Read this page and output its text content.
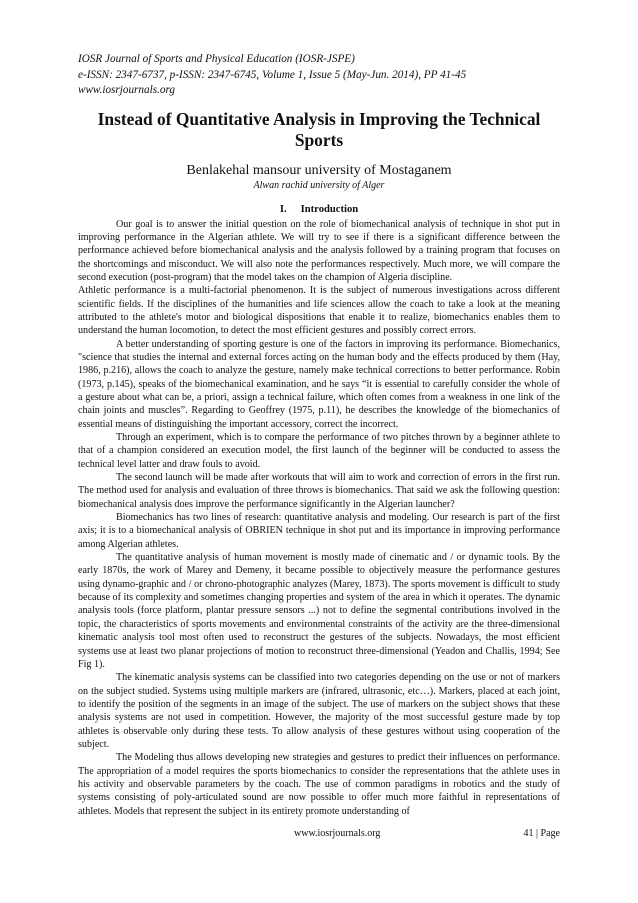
IOSR Journal of Sports and Physical Education (IOSR-JSPE)
e-ISSN: 2347-6737, p-ISSN: 2347-6745, Volume 1, Issue 5 (May-Jun. 2014), PP 41-45
www.iosrjournals.org
Instead of Quantitative Analysis in Improving the Technical Sports
Benlakehal mansour university of Mostaganem
Alwan rachid university of Alger
I. Introduction

Our goal is to answer the initial question on the role of biomechanical analysis of technique in shot put in improving performance in the Algerian athlete. We will try to see if there is a significant difference between the performance achieved before biomechanical analysis and the analysis followed by a training program that focuses on the shortcomings and misconduct. We will also note the performances respectively. Much more, we will compare the second execution (post-program) that the model takes on the champion of Algeria discipline.

Athletic performance is a multi-factorial phenomenon. It is the subject of numerous investigations across different scientific fields. If the disciplines of the humanities and life sciences allow the coach to take a look at the meaning attributed to the athlete's motor and biological dispositions that enable it to realize, biomechanics enables them to understand the human locomotion, to detect the most efficient gestures and possibly correct errors.

A better understanding of sporting gesture is one of the factors in improving its performance. Biomechanics, "science that studies the internal and external forces acting on the human body and the effects produced by them (Hay, 1986, p.216), allows the coach to analyze the gesture, namely make technical corrections to better performance. Robin (1973, p.145), speaks of the biomechanical examination, and he says “it is essential to carefully consider the whole of a gesture about what can be, a priori, assign a technical failure, which often comes from a weakness in one link of the chain joints and muscles”. Regarding to Geoffrey (1975, p.11), he describes the knowledge of the biomechanics of essential means of distinguishing the important accessory, correct the incorrect.

Through an experiment, which is to compare the performance of two pitches thrown by a beginner athlete to that of a champion considered an execution model, the first launch of the beginner will be conducted to assess the technical level latter and draw fouls to avoid.

The second launch will be made after workouts that will aim to work and correction of errors in the first run. The method used for analysis and evaluation of three throws is biomechanics. That said we ask the following question: biomechanical analysis does improve the performance significantly in the Algerian launcher?

Biomechanics has two lines of research: quantitative analysis and modeling. Our research is part of the first axis; it is to a biomechanical analysis of OBRIEN technique in shot put and its importance in improving performance among Algerian athletes.

The quantitative analysis of human movement is mostly made of cinematic and / or dynamic tools. By the early 1870s, the work of Marey and Demeny, it became possible to objectively measure the performance gestures using dynamo-graphic and / or chrono-photographic analyzes (Marey, 1873). The sports movement is difficult to study because of its complexity and sometimes changing properties and system of the area in which it operates. The dynamic analysis tools (force platform, plantar pressure sensors ...) not to define the segmental contributions involved in the topic, the characteristics of sports movements and environmental constraints of the activity are the three-dimensional kinematic analysis tool most often used to reconstruct the gestures of the subjects. Nowadays, the most efficient systems use at least two planar projections of motion to reconstruct three-dimensional (Yeadon and Challis, 1994; See Fig 1).

The kinematic analysis systems can be classified into two categories depending on the use or not of markers on the subject studied. Systems using multiple markers are (infrared, ultrasonic, etc…). Markers, placed at each joint, to identify the position of the segments in an image of the subject. The use of markers on the subject shows that these analysis systems are not used in competition. However, the majority of the most successful gesture made by top athletes is observable only during these tests. To allow analysis of these gestures without using cooperation of the subject.

The Modeling thus allows developing new strategies and gestures to predict their influences on performance. The appropriation of a model requires the sports biomechanics to consider the representations that the athlete uses in his activity and observable parameters by the coach. The use of common paradigms in robotics and the study of systems consisting of poly-articulated sound are now possible to offer much more faithful in representations of athletes. Models that represent the subject in its entirety promote understanding of

www.iosrjournals.org	41 | Page
